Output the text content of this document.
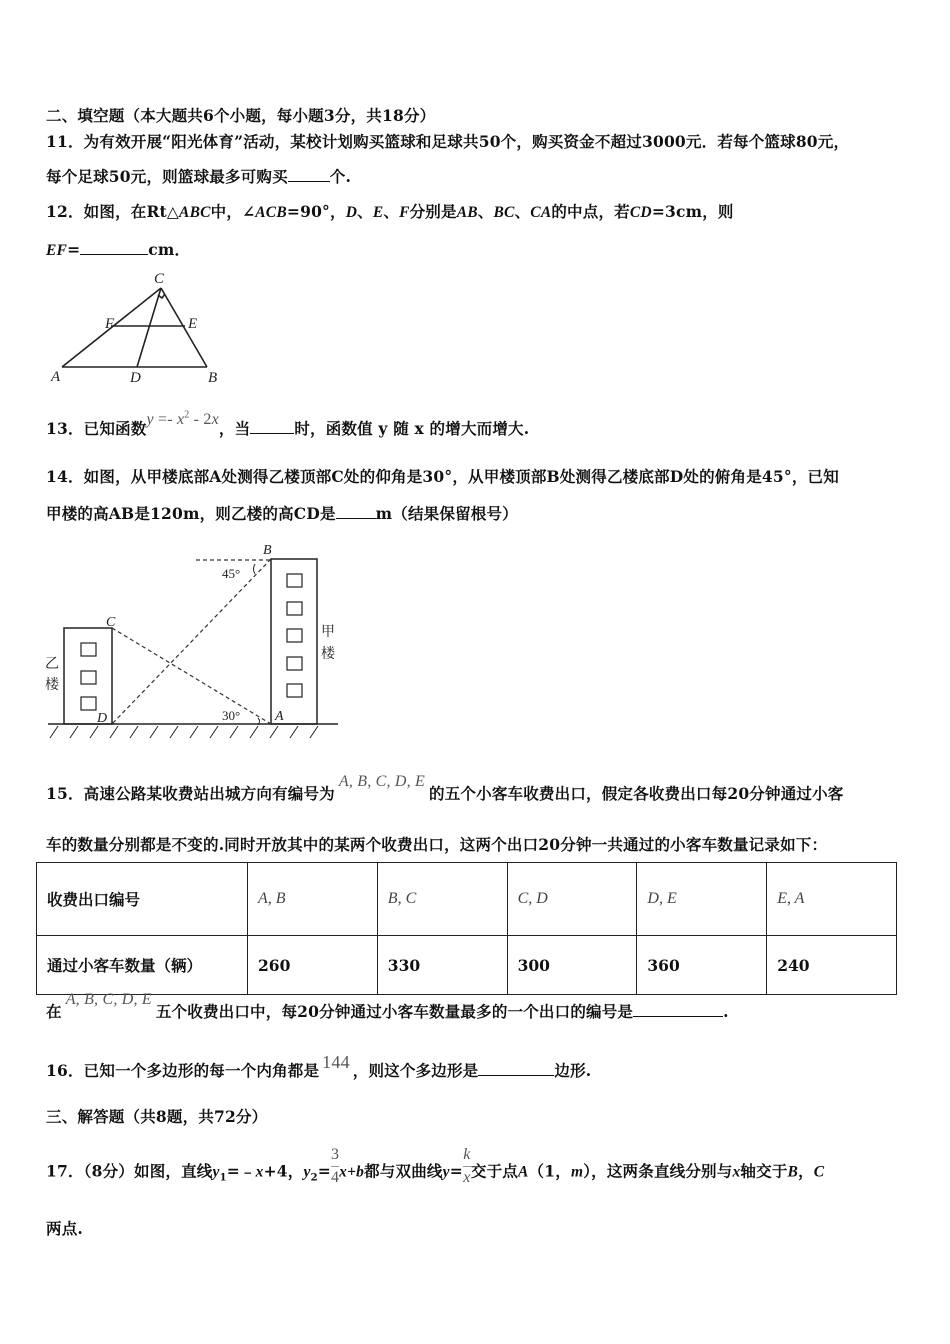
二、填空题（本大题共6个小题，每小题3分，共18分）
11．为有效开展“阳光体育”活动，某校计划购买篮球和足球共50个，购买资金不超过3000元．若每个篮球80元，
每个足球50元，则篮球最多可购买	个.
12．如图，在Rt△ABC中，∠ACB=90°，D、E、F分别是AB、BC、CA的中点，若CD=3cm，则
EF=	cm．
C
F	E
A	D	B
13．已知函数$y =- x^2 - 2x$，当	时，函数值 y 随 x 的增大而增大.
14．如图，从甲楼底部A处测得乙楼顶部C处的仰角是30°，从甲楼顶部B处测得乙楼底部D处的俯角是45°，已知
甲楼的高AB是120m，则乙楼的高CD是	m（结果保留根号）
B
C
D	A
45°
30°
甲
楼
乙
楼
15．高速公路某收费站出城方向有编号为A, B, C, D, E的五个小客车收费出口，假定各收费出口每20分钟通过小客
车的数量分别都是不变的.同时开放其中的某两个收费出口，这两个出口20分钟一共通过的小客车数量记录如下：
收费出口编号	A, B	B, C	C, D	D, E	E, A
通过小客车数量（辆）	260	330	300	360	240
在A, B, C, D, E五个收费出口中，每20分钟通过小客车数量最多的一个出口的编号是	.
16．已知一个多边形的每一个内角都是 144 ，则这个多边形是	边形.
三、解答题（共8题，共72分）
17．（8分）如图，直线$y_1=﹣x+4$，$y_2=\frac{3}{4}x+b$都与双曲线$y=\frac{k}{x}$交于点A（1，m），这两条直线分别与x轴交于B，C
两点.
